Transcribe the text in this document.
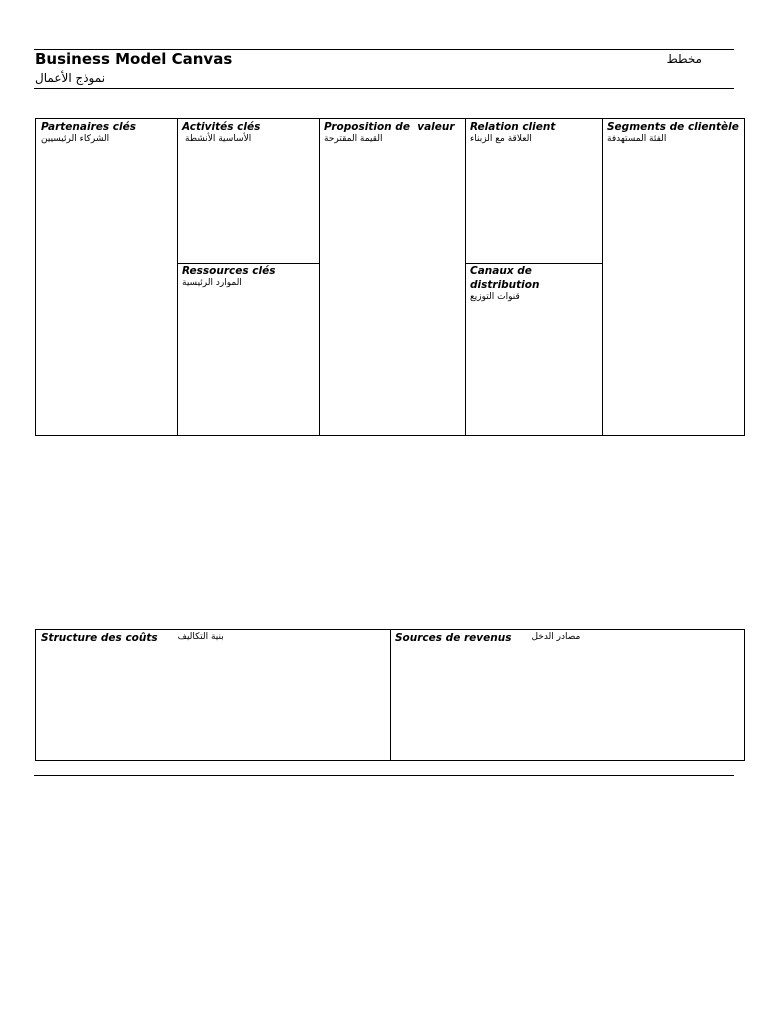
Business Model Canvas	مخطط
نموذج الأعمال
Partenaires clés
الشركاء الرئيسيين
Activités clés
الأساسية الأنشطة
Ressources clés
الموارد الرئيسية
Proposition de  valeur
القيمة المقترحة
Relation client
العلاقة مع الزبناء
Canaux de distribution
قنوات التوزيع
Segments de clientèle
الفئة المستهدفة
Structure des coûts بنية التكاليف	Sources de revenus مصادر الدخل
